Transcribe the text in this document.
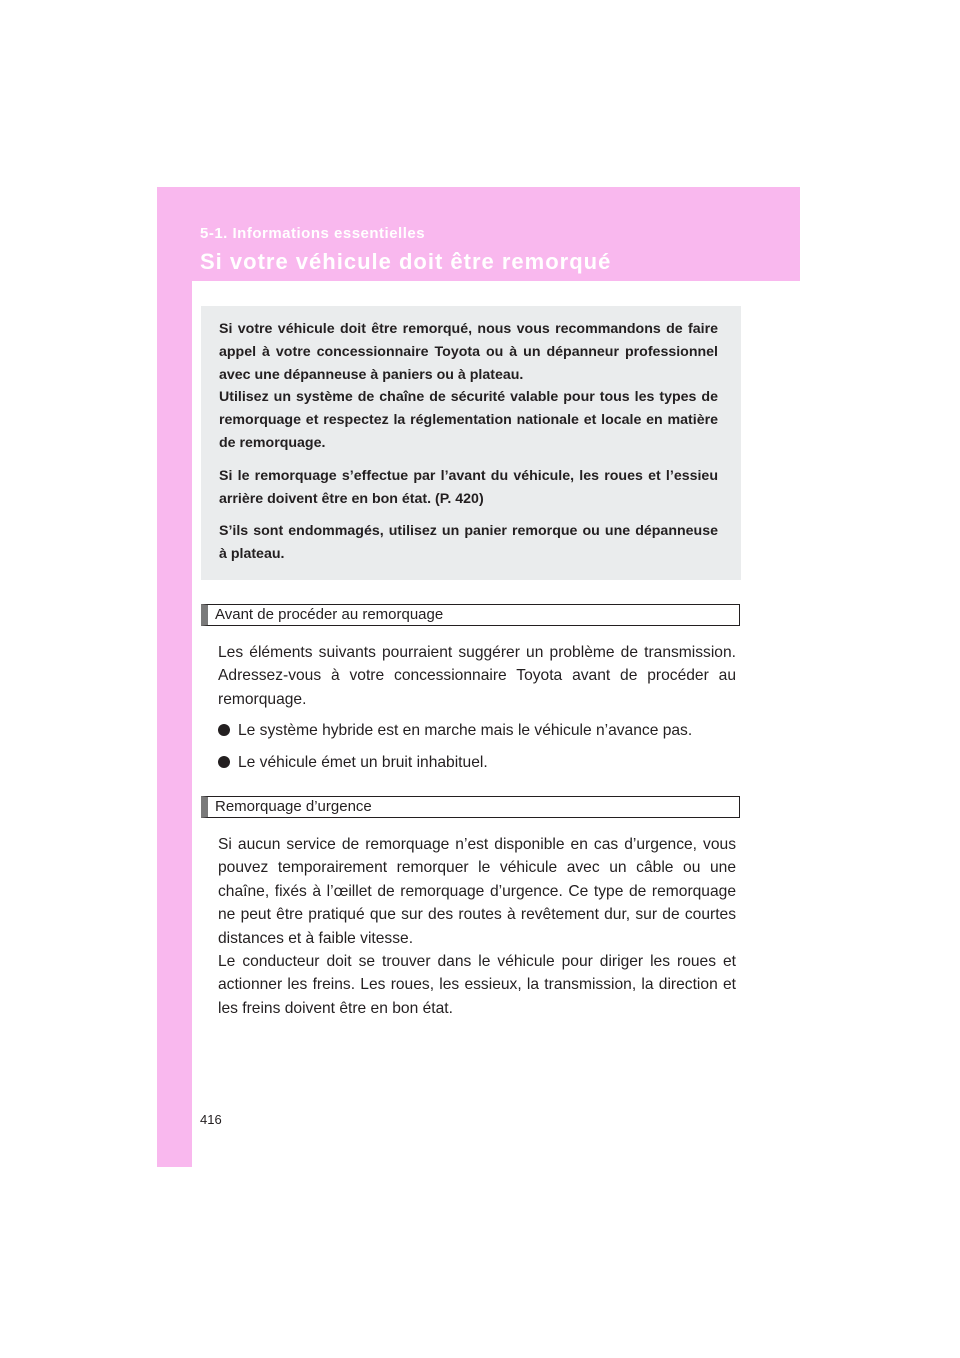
5-1. Informations essentielles

Si votre véhicule doit être remorqué

Si votre véhicule doit être remorqué, nous vous recommandons de faire appel à votre concessionnaire Toyota ou à un dépanneur professionnel avec une dépanneuse à paniers ou à plateau.

Utilisez un système de chaîne de sécurité valable pour tous les types de remorquage et respectez la réglementation nationale et locale en matière de remorquage.

Si le remorquage s’effectue par l’avant du véhicule, les roues et l’essieu arrière doivent être en bon état. (P. 420)

S’ils sont endommagés, utilisez un panier remorque ou une dépanneuse à plateau.

Avant de procéder au remorquage

Les éléments suivants pourraient suggérer un problème de transmission. Adressez-vous à votre concessionnaire Toyota avant de procéder au remorquage.

Le système hybride est en marche mais le véhicule n’avance pas.
Le véhicule émet un bruit inhabituel.
Remorquage d’urgence

Si aucun service de remorquage n’est disponible en cas d’urgence, vous pouvez temporairement remorquer le véhicule avec un câble ou une chaîne, fixés à l’œillet de remorquage d’urgence. Ce type de remorquage ne peut être pratiqué que sur des routes à revêtement dur, sur de courtes distances et à faible vitesse.

Le conducteur doit se trouver dans le véhicule pour diriger les roues et actionner les freins. Les roues, les essieux, la transmission, la direction et les freins doivent être en bon état.

416
